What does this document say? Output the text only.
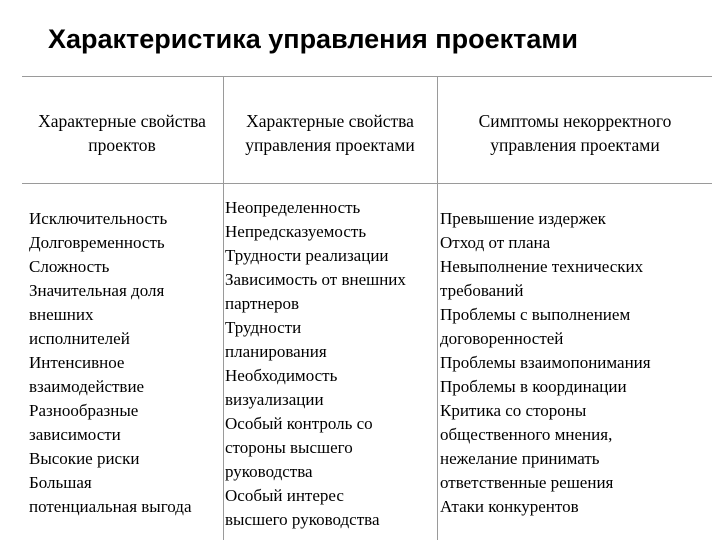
Характеристика управления проектами
Характерные свойства
проектов
Характерные свойства
управления проектами
Симптомы некорректного
управления проектами
Исключительность
Долговременность
Сложность
Значительная доля
внешних
исполнителей
Интенсивное
взаимодействие
Разнообразные
зависимости
Высокие риски
Большая
потенциальная выгода
Неопределенность
Непредсказуемость
Трудности реализации
Зависимость от внешних
партнеров
Трудности
планирования
Необходимость
визуализации
Особый контроль со
стороны высшего
руководства
Особый интерес
высшего руководства
Превышение издержек
Отход от плана
Невыполнение технических
требований
Проблемы с выполнением
договоренностей
Проблемы взаимопонимания
Проблемы в координации
Критика со стороны
общественного мнения,
нежелание принимать
ответственные решения
Атаки конкурентов
